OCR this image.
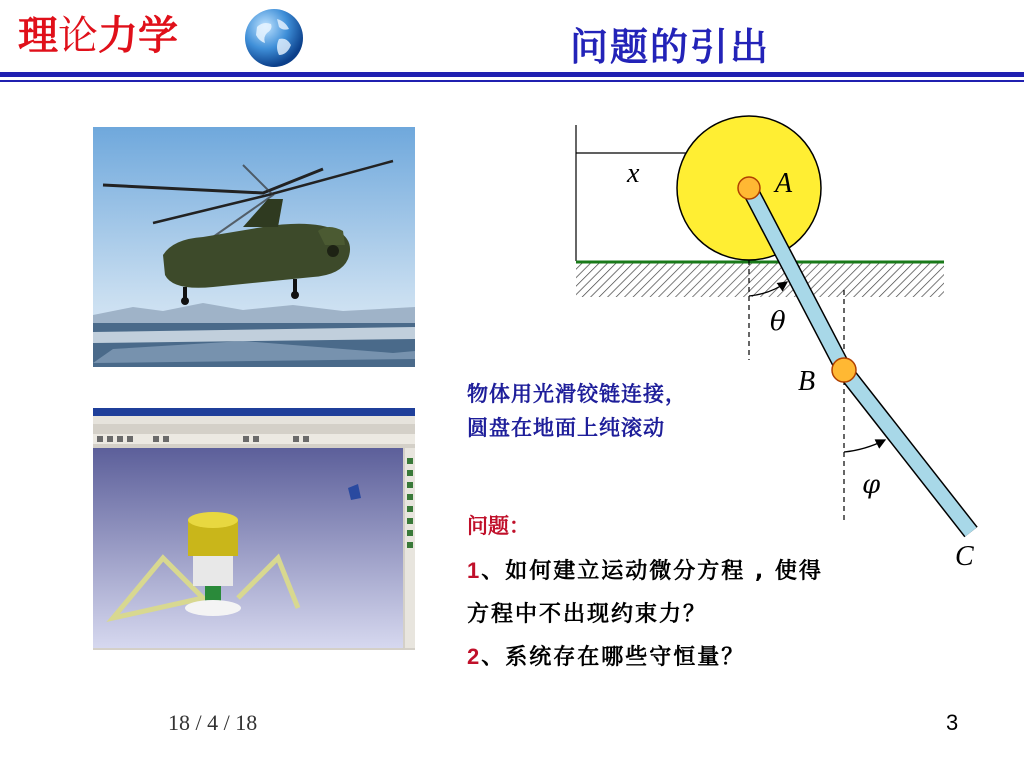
理 论 力学	问题的引出
x	A
θ
B
φ
C
物体用光滑铰链连接，
圆盘在地面上纯滚动
问题：
1、如何建立运动微分方程 , 使得
方程中不出现约束力？
2、系统存在哪些守恒量？
18 / 4 / 18	3
